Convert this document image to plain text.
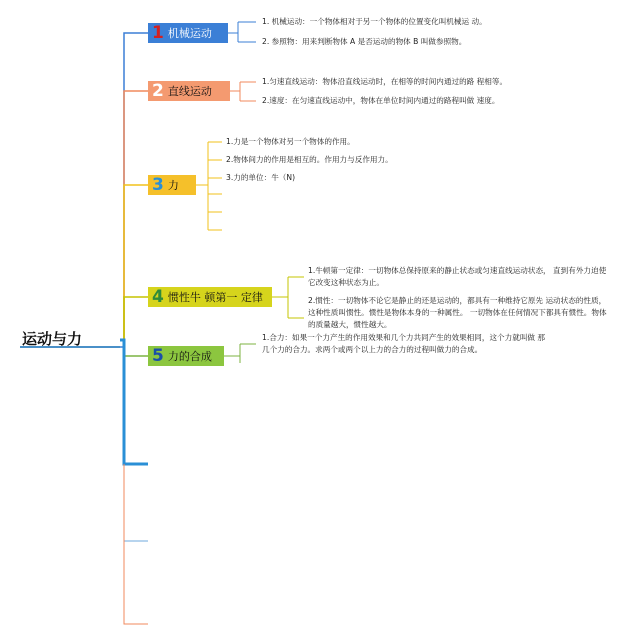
运动与力
1 机械运动
1. 机械运动：一个物体相对于另一个物体的位置变化叫机械运 动。
2. 参照物：用来判断物体 A 是否运动的物体 B 叫做参照物。
2 直线运动
1.匀速直线运动：物体沿直线运动时，在相等的时间内通过的路 程相等。
2.速度：在匀速直线运动中，物体在单位时间内通过的路程叫做 速度。
3 力
1.力是一个物体对另一个物体的作用。
2.物体间力的作用是相互的。作用力与反作用力。
3.力的单位：牛（N)
4 惯性牛 顿第一 定律
1.牛顿第一定律：一切物体总保持原来的静止状态或匀速直线运动状态， 直到有外力迫使它改变这种状态为止。
2.惯性：一切物体不论它是静止的还是运动的，都具有一种维持它原先 运动状态的性质，这种性质叫惯性。惯性是物体本身的一种属性。 一切物体在任何情况下都具有惯性。物体的质量越大，惯性越大。
5 力的合成
1.合力：如果一个力产生的作用效果和几个力共同产生的效果相同，这个力就叫做 那几个力的合力。求两个或两个以上力的合力的过程叫做力的合成。
